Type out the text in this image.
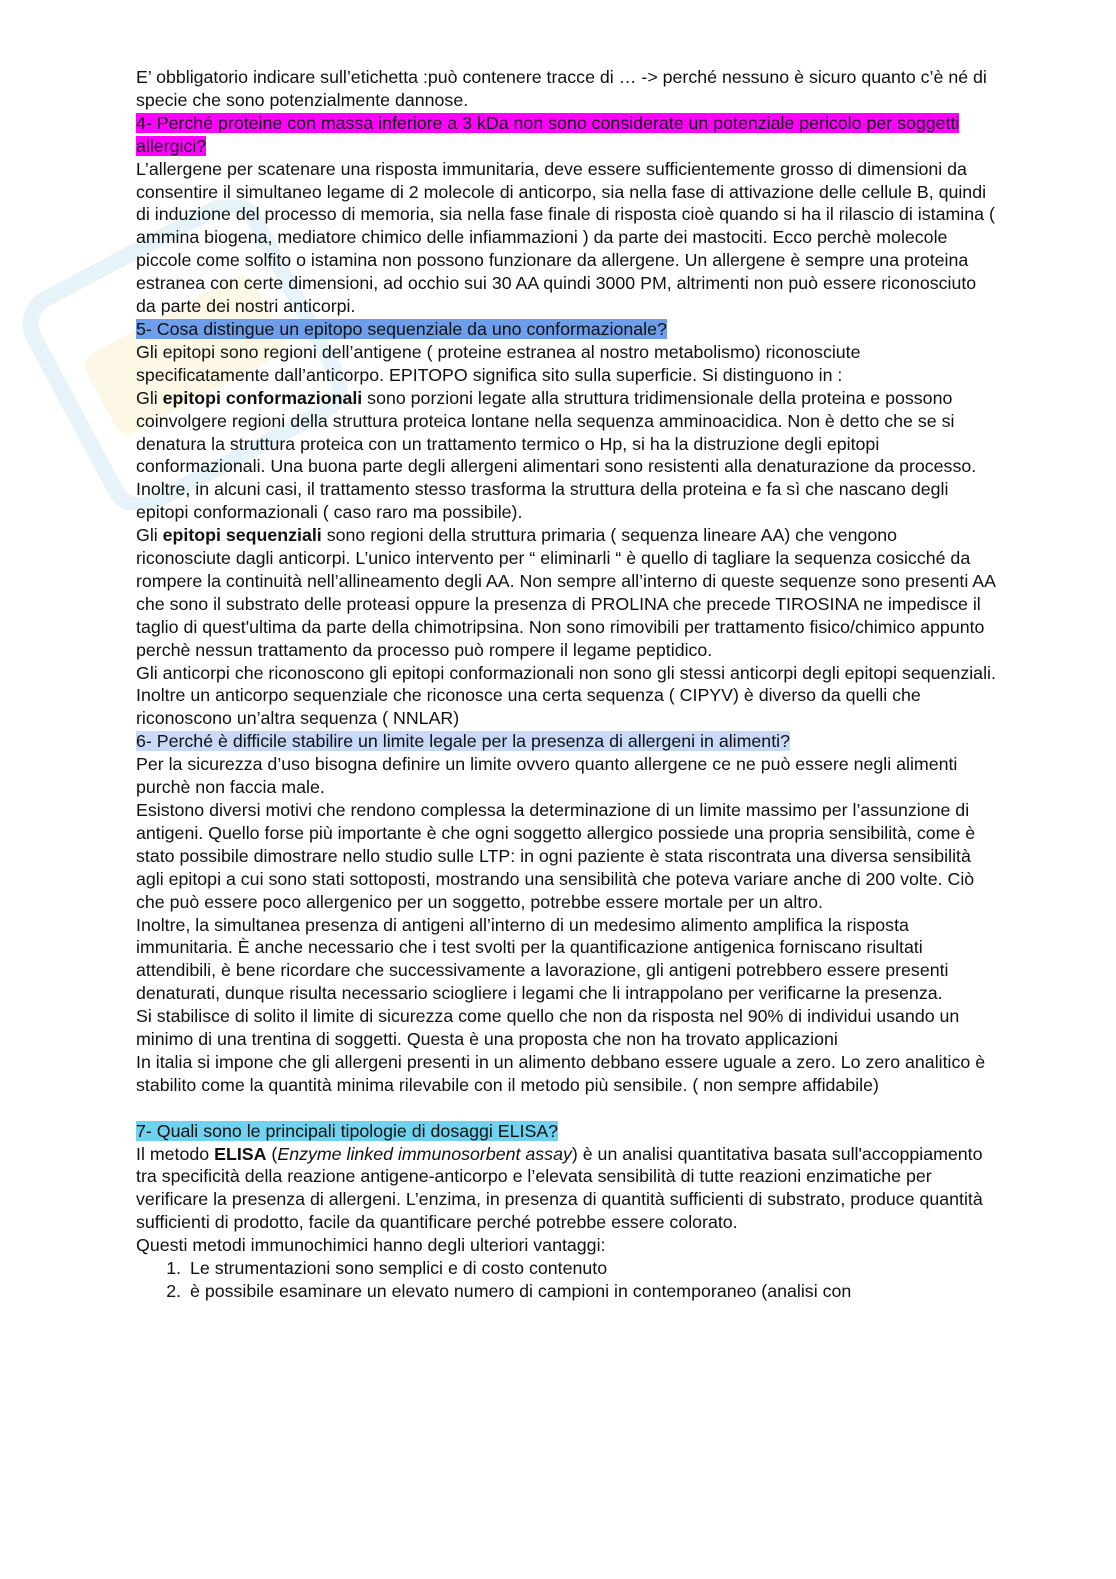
E’ obbligatorio indicare sull’etichetta :può contenere tracce di … -> perché nessuno è sicuro quanto c’è né di specie che sono potenzialmente dannose.

4- Perché proteine con massa inferiore a 3 kDa non sono considerate un potenziale pericolo per soggetti allergici?

L’allergene per scatenare una risposta immunitaria, deve essere sufficientemente grosso di dimensioni da consentire il simultaneo legame di 2 molecole di anticorpo, sia nella fase di attivazione delle cellule B, quindi di induzione del processo di memoria, sia nella fase finale di risposta cioè quando si ha il rilascio di istamina ( ammina biogena, mediatore chimico delle infiammazioni ) da parte dei mastociti. Ecco perchè molecole piccole come solfito o istamina non possono funzionare da allergene. Un allergene è sempre una proteina estranea con certe dimensioni, ad occhio sui 30 AA quindi 3000 PM, altrimenti non può essere riconosciuto da parte dei nostri anticorpi.

5- Cosa distingue un epitopo sequenziale da uno conformazionale?

Gli epitopi sono regioni dell’antigene ( proteine estranea al nostro metabolismo) riconosciute specificatamente dall’anticorpo. EPITOPO significa sito sulla superficie. Si distinguono in :

Gli epitopi conformazionali sono porzioni legate alla struttura tridimensionale della proteina e possono coinvolgere regioni della struttura proteica lontane nella sequenza amminoacidica. Non è detto che se si denatura la struttura proteica con un trattamento termico o Hp, si ha la distruzione degli epitopi conformazionali. Una buona parte degli allergeni alimentari sono resistenti alla denaturazione da processo. Inoltre, in alcuni casi, il trattamento stesso trasforma la struttura della proteina e fa sì che nascano degli epitopi conformazionali ( caso raro ma possibile).

Gli epitopi sequenziali sono regioni della struttura primaria ( sequenza lineare AA) che vengono riconosciute dagli anticorpi. L’unico intervento per “ eliminarli “ è quello di tagliare la sequenza cosicché da rompere la continuità nell’allineamento degli AA. Non sempre all’interno di queste sequenze sono presenti AA che sono il substrato delle proteasi oppure la presenza di PROLINA che precede TIROSINA ne impedisce il taglio di quest'ultima da parte della chimotripsina. Non sono rimovibili per trattamento fisico/chimico appunto perchè nessun trattamento da processo può rompere il legame peptidico.

Gli anticorpi che riconoscono gli epitopi conformazionali non sono gli stessi anticorpi degli epitopi sequenziali. Inoltre un anticorpo sequenziale che riconosce una certa sequenza ( CIPYV) è diverso da quelli che riconoscono un’altra sequenza ( NNLAR)

6- Perché è difficile stabilire un limite legale per la presenza di allergeni in alimenti?

Per la sicurezza d’uso bisogna definire un limite ovvero quanto allergene ce ne può essere negli alimenti purchè non faccia male.

Esistono diversi motivi che rendono complessa la determinazione di un limite massimo per l’assunzione di antigeni. Quello forse più importante è che ogni soggetto allergico possiede una propria sensibilità, come è stato possibile dimostrare nello studio sulle LTP: in ogni paziente è stata riscontrata una diversa sensibilità agli epitopi a cui sono stati sottoposti, mostrando una sensibilità che poteva variare anche di 200 volte. Ciò che può essere poco allergenico per un soggetto, potrebbe essere mortale per un altro.

Inoltre, la simultanea presenza di antigeni all’interno di un medesimo alimento amplifica la risposta immunitaria. È anche necessario che i test svolti per la quantificazione antigenica forniscano risultati attendibili, è bene ricordare che successivamente a lavorazione, gli antigeni potrebbero essere presenti denaturati, dunque risulta necessario sciogliere i legami che li intrappolano per verificarne la presenza.

Si stabilisce di solito il limite di sicurezza come quello che non da risposta nel 90% di individui usando un minimo di una trentina di soggetti. Questa è una proposta che non ha trovato applicazioni

In italia si impone che gli allergeni presenti in un alimento debbano essere uguale a zero. Lo zero analitico è stabilito come la quantità minima rilevabile con il metodo più sensibile. ( non sempre affidabile)

7- Quali sono le principali tipologie di dosaggi ELISA?

Il metodo ELISA (Enzyme linked immunosorbent assay) è un analisi quantitativa basata sull'accoppiamento tra specificità della reazione antigene-anticorpo e l’elevata sensibilità di tutte reazioni enzimatiche per verificare la presenza di allergeni. L’enzima, in presenza di quantità sufficienti di substrato, produce quantità sufficienti di prodotto, facile da quantificare perché potrebbe essere colorato.

Questi metodi immunochimici hanno degli ulteriori vantaggi:

1. Le strumentazioni sono semplici e di costo contenuto
2. è possibile esaminare un elevato numero di campioni in contemporaneo (analisi con
